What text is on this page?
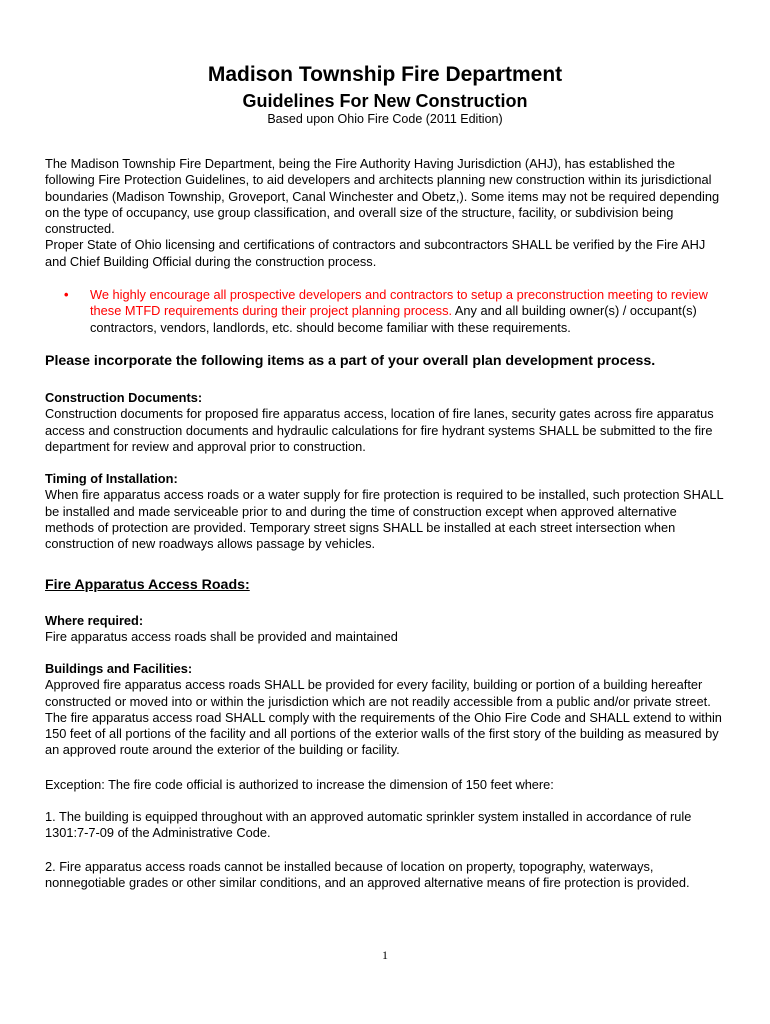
Madison Township Fire Department
Guidelines For New Construction
Based upon Ohio Fire Code (2011 Edition)

The Madison Township Fire Department, being the Fire Authority Having Jurisdiction (AHJ), has established the following Fire Protection Guidelines, to aid developers and architects planning new construction within its jurisdictional boundaries (Madison Township, Groveport, Canal Winchester and Obetz,). Some items may not be required depending on the type of occupancy, use group classification, and overall size of the structure, facility, or subdivision being constructed.

Proper State of Ohio licensing and certifications of contractors and subcontractors SHALL be verified by the Fire AHJ and Chief Building Official during the construction process.

• We highly encourage all prospective developers and contractors to setup a preconstruction meeting to review these MTFD requirements during their project planning process. Any and all building owner(s) / occupant(s) contractors, vendors, landlords, etc. should become familiar with these requirements.
Please incorporate the following items as a part of your overall plan development process.

Construction Documents:

Construction documents for proposed fire apparatus access, location of fire lanes, security gates across fire apparatus access and construction documents and hydraulic calculations for fire hydrant systems SHALL be submitted to the fire department for review and approval prior to construction.

Timing of Installation:

When fire apparatus access roads or a water supply for fire protection is required to be installed, such protection SHALL be installed and made serviceable prior to and during the time of construction except when approved alternative methods of protection are provided. Temporary street signs SHALL be installed at each street intersection when construction of new roadways allows passage by vehicles.

Fire Apparatus Access Roads:

Where required:

Fire apparatus access roads shall be provided and maintained

Buildings and Facilities:

Approved fire apparatus access roads SHALL be provided for every facility, building or portion of a building hereafter constructed or moved into or within the jurisdiction which are not readily accessible from a public and/or private street. The fire apparatus access road SHALL comply with the requirements of the Ohio Fire Code and SHALL extend to within 150 feet of all portions of the facility and all portions of the exterior walls of the first story of the building as measured by an approved route around the exterior of the building or facility.

Exception: The fire code official is authorized to increase the dimension of 150 feet where:
1. The building is equipped throughout with an approved automatic sprinkler system installed in accordance of rule 1301:7-7-09 of the Administrative Code.
2. Fire apparatus access roads cannot be installed because of location on property, topography, waterways, nonnegotiable grades or other similar conditions, and an approved alternative means of fire protection is provided.
1
